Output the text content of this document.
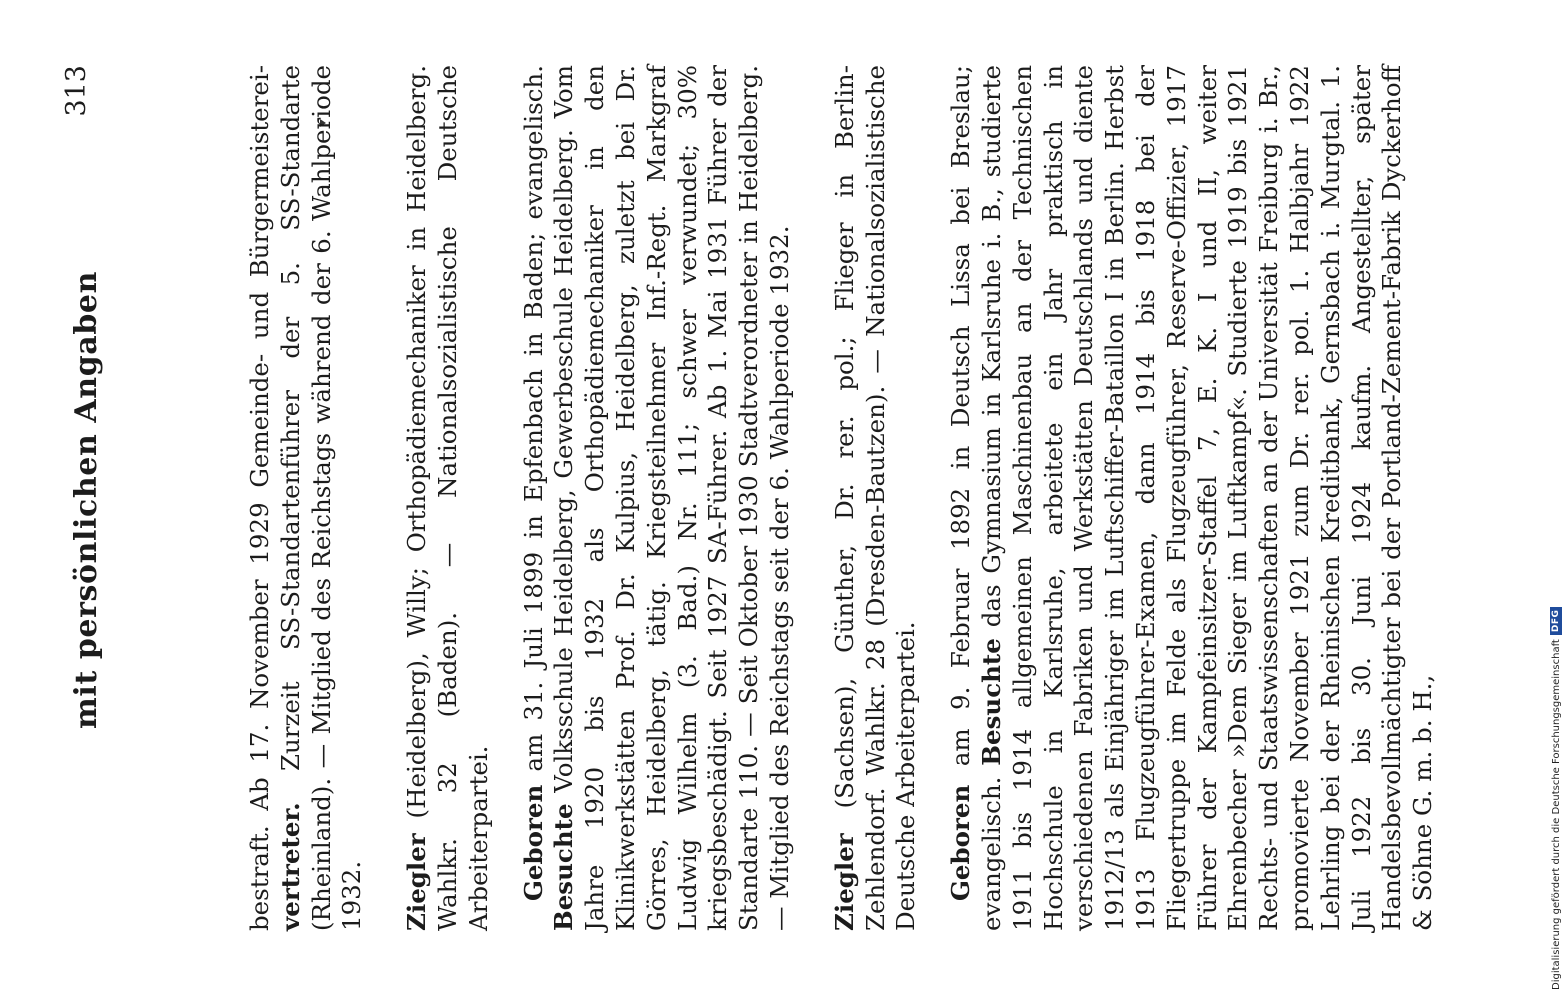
mit persönlichen Angaben
313	bestraft. Ab 17. November 1929 Gemeinde- und Bürgermeisterei-vertreter. Zurzeit SS-Standartenführer der 5. SS-Standarte (Rheinland). — Mitglied des Reichstags während der 6. Wahlperiode 1932. Ziegler (Heidelberg), Willy; Orthopädiemechaniker in Heidelberg. Wahlkr. 32 (Baden). — Nationalsozialistische Deutsche Arbeiterpartei. Geboren am 31. Juli 1899 in Epfenbach in Baden; evangelisch. Besuchte Volksschule Heidelberg, Gewerbeschule Heidelberg. Vom Jahre 1920 bis 1932 als Orthopädiemechaniker in den Klinikwerkstätten Prof. Dr. Kulpius, Heidelberg, zuletzt bei Dr. Görres, Heidelberg, tätig. Kriegsteilnehmer Inf.-Regt. Markgraf Ludwig Wilhelm (3. Bad.) Nr. 111; schwer verwundet; 30% kriegsbeschädigt. Seit 1927 SA-Führer. Ab 1. Mai 1931 Führer der Standarte 110. — Seit Oktober 1930 Stadtverordneter in Heidelberg. — Mitglied des Reichstags seit der 6. Wahlperiode 1932. Ziegler (Sachsen), Günther, Dr. rer. pol.; Flieger in Berlin-Zehlendorf. Wahlkr. 28 (Dresden-Bautzen). — Nationalsozialistische Deutsche Arbeiterpartei. Geboren am 9. Februar 1892 in Deutsch Lissa bei Breslau; evangelisch. Besuchte das Gymnasium in Karlsruhe i. B., studierte 1911 bis 1914 allgemeinen Maschinenbau an der Technischen Hochschule in Karlsruhe, arbeitete ein Jahr praktisch in verschiedenen Fabriken und Werkstätten Deutschlands und diente 1912/13 als Einjähriger im Luftschiffer-Bataillon I in Berlin. Herbst 1913 Flugzeugführer-Examen, dann 1914 bis 1918 bei der Fliegertruppe im Felde als Flugzeugführer, Reserve-Offizier, 1917 Führer der Kampfeinsitzer-Staffel 7, E. K. I und II, weiter Ehrenbecher »Dem Sieger im Luftkampf«. Studierte 1919 bis 1921 Rechts- und Staatswissenschaften an der Universität Freiburg i. Br., promovierte November 1921 zum Dr. rer. pol. 1. Halbjahr 1922 Lehrling bei der Rheinischen Kreditbank, Gernsbach i. Murgtal. 1. Juli 1922 bis 30. Juni 1924 kaufm. Angestellter, später Handelsbevollmächtigter bei der Portland-Zement-Fabrik Dyckerhoff & Söhne G. m. b. H.,	Digitalisierung gefördert durch die Deutsche Forschungsgemeinschaft
DFG
